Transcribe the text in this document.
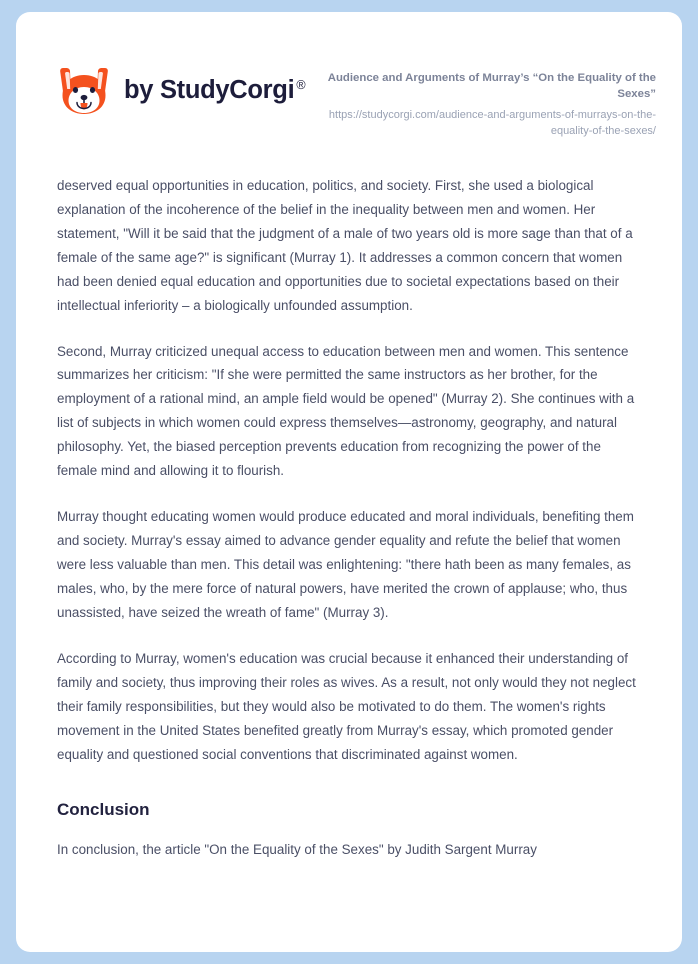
by StudyCorgi ®

Audience and Arguments of Murray’s “On the Equality of the Sexes”

https://studycorgi.com/audience-and-arguments-of-murrays-on-the-equality-of-the-sexes/

deserved equal opportunities in education, politics, and society. First, she used a biological explanation of the incoherence of the belief in the inequality between men and women. Her statement, "Will it be said that the judgment of a male of two years old is more sage than that of a female of the same age?" is significant (Murray 1). It addresses a common concern that women had been denied equal education and opportunities due to societal expectations based on their intellectual inferiority – a biologically unfounded assumption.

Second, Murray criticized unequal access to education between men and women. This sentence summarizes her criticism: "If she were permitted the same instructors as her brother, for the employment of a rational mind, an ample field would be opened" (Murray 2). She continues with a list of subjects in which women could express themselves—astronomy, geography, and natural philosophy. Yet, the biased perception prevents education from recognizing the power of the female mind and allowing it to flourish.

Murray thought educating women would produce educated and moral individuals, benefiting them and society. Murray's essay aimed to advance gender equality and refute the belief that women were less valuable than men. This detail was enlightening: "there hath been as many females, as males, who, by the mere force of natural powers, have merited the crown of applause; who, thus unassisted, have seized the wreath of fame" (Murray 3).

According to Murray, women's education was crucial because it enhanced their understanding of family and society, thus improving their roles as wives. As a result, not only would they not neglect their family responsibilities, but they would also be motivated to do them. The women's rights movement in the United States benefited greatly from Murray's essay, which promoted gender equality and questioned social conventions that discriminated against women.

Conclusion

In conclusion, the article "On the Equality of the Sexes" by Judith Sargent Murray
